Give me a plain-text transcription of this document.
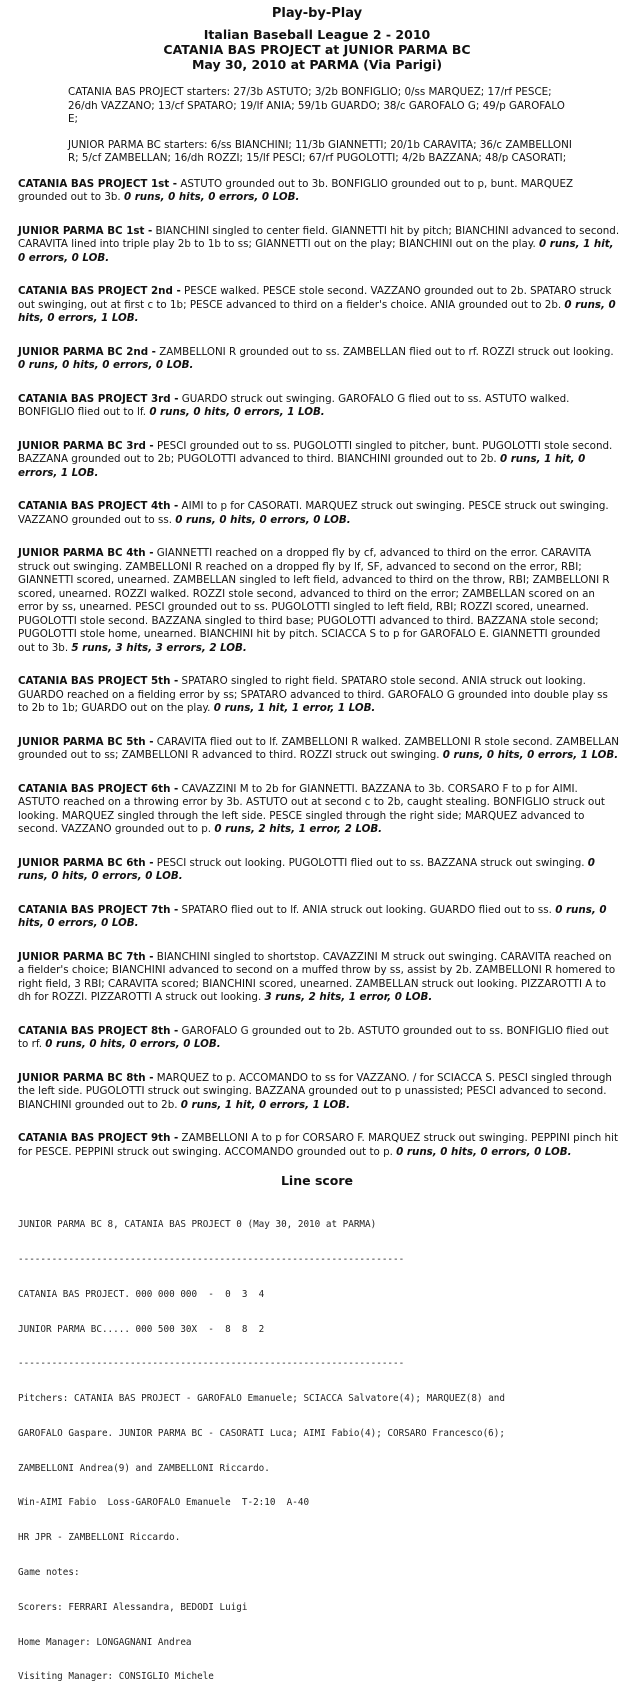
Play-by-Play
Italian Baseball League 2 - 2010
CATANIA BAS PROJECT at JUNIOR PARMA BC
May 30, 2010 at PARMA (Via Parigi)

CATANIA BAS PROJECT starters: 27/3b ASTUTO; 3/2b BONFIGLIO; 0/ss MARQUEZ; 17/rf PESCE; 26/dh VAZZANO; 13/cf SPATARO; 19/lf ANIA; 59/1b GUARDO; 38/c GAROFALO G; 49/p GAROFALO E;

JUNIOR PARMA BC starters: 6/ss BIANCHINI; 11/3b GIANNETTI; 20/1b CARAVITA; 36/c ZAMBELLONI R; 5/cf ZAMBELLAN; 16/dh ROZZI; 15/lf PESCI; 67/rf PUGOLOTTI; 4/2b BAZZANA; 48/p CASORATI;

CATANIA BAS PROJECT 1st - ASTUTO grounded out to 3b. BONFIGLIO grounded out to p, bunt. MARQUEZ grounded out to 3b. 0 runs, 0 hits, 0 errors, 0 LOB.

JUNIOR PARMA BC 1st - BIANCHINI singled to center field. GIANNETTI hit by pitch; BIANCHINI advanced to second. CARAVITA lined into triple play 2b to 1b to ss; GIANNETTI out on the play; BIANCHINI out on the play. 0 runs, 1 hit, 0 errors, 0 LOB.

CATANIA BAS PROJECT 2nd - PESCE walked. PESCE stole second. VAZZANO grounded out to 2b. SPATARO struck out swinging, out at first c to 1b; PESCE advanced to third on a fielder's choice. ANIA grounded out to 2b. 0 runs, 0 hits, 0 errors, 1 LOB.

JUNIOR PARMA BC 2nd - ZAMBELLONI R grounded out to ss. ZAMBELLAN flied out to rf. ROZZI struck out looking. 0 runs, 0 hits, 0 errors, 0 LOB.

CATANIA BAS PROJECT 3rd - GUARDO struck out swinging. GAROFALO G flied out to ss. ASTUTO walked. BONFIGLIO flied out to lf. 0 runs, 0 hits, 0 errors, 1 LOB.

JUNIOR PARMA BC 3rd - PESCI grounded out to ss. PUGOLOTTI singled to pitcher, bunt. PUGOLOTTI stole second. BAZZANA grounded out to 2b; PUGOLOTTI advanced to third. BIANCHINI grounded out to 2b. 0 runs, 1 hit, 0 errors, 1 LOB.

CATANIA BAS PROJECT 4th - AIMI to p for CASORATI. MARQUEZ struck out swinging. PESCE struck out swinging. VAZZANO grounded out to ss. 0 runs, 0 hits, 0 errors, 0 LOB.

JUNIOR PARMA BC 4th - GIANNETTI reached on a dropped fly by cf, advanced to third on the error. CARAVITA struck out swinging. ZAMBELLONI R reached on a dropped fly by lf, SF, advanced to second on the error, RBI; GIANNETTI scored, unearned. ZAMBELLAN singled to left field, advanced to third on the throw, RBI; ZAMBELLONI R scored, unearned. ROZZI walked. ROZZI stole second, advanced to third on the error; ZAMBELLAN scored on an error by ss, unearned. PESCI grounded out to ss. PUGOLOTTI singled to left field, RBI; ROZZI scored, unearned. PUGOLOTTI stole second. BAZZANA singled to third base; PUGOLOTTI advanced to third. BAZZANA stole second; PUGOLOTTI stole home, unearned. BIANCHINI hit by pitch. SCIACCA S to p for GAROFALO E. GIANNETTI grounded out to 3b. 5 runs, 3 hits, 3 errors, 2 LOB.

CATANIA BAS PROJECT 5th - SPATARO singled to right field. SPATARO stole second. ANIA struck out looking. GUARDO reached on a fielding error by ss; SPATARO advanced to third. GAROFALO G grounded into double play ss to 2b to 1b; GUARDO out on the play. 0 runs, 1 hit, 1 error, 1 LOB.

JUNIOR PARMA BC 5th - CARAVITA flied out to lf. ZAMBELLONI R walked. ZAMBELLONI R stole second. ZAMBELLAN grounded out to ss; ZAMBELLONI R advanced to third. ROZZI struck out swinging. 0 runs, 0 hits, 0 errors, 1 LOB.

CATANIA BAS PROJECT 6th - CAVAZZINI M to 2b for GIANNETTI. BAZZANA to 3b. CORSARO F to p for AIMI. ASTUTO reached on a throwing error by 3b. ASTUTO out at second c to 2b, caught stealing. BONFIGLIO struck out looking. MARQUEZ singled through the left side. PESCE singled through the right side; MARQUEZ advanced to second. VAZZANO grounded out to p. 0 runs, 2 hits, 1 error, 2 LOB.

JUNIOR PARMA BC 6th - PESCI struck out looking. PUGOLOTTI flied out to ss. BAZZANA struck out swinging. 0 runs, 0 hits, 0 errors, 0 LOB.

CATANIA BAS PROJECT 7th - SPATARO flied out to lf. ANIA struck out looking. GUARDO flied out to ss. 0 runs, 0 hits, 0 errors, 0 LOB.

JUNIOR PARMA BC 7th - BIANCHINI singled to shortstop. CAVAZZINI M struck out swinging. CARAVITA reached on a fielder's choice; BIANCHINI advanced to second on a muffed throw by ss, assist by 2b. ZAMBELLONI R homered to right field, 3 RBI; CARAVITA scored; BIANCHINI scored, unearned. ZAMBELLAN struck out looking. PIZZAROTTI A to dh for ROZZI. PIZZAROTTI A struck out looking. 3 runs, 2 hits, 1 error, 0 LOB.

CATANIA BAS PROJECT 8th - GAROFALO G grounded out to 2b. ASTUTO grounded out to ss. BONFIGLIO flied out to rf. 0 runs, 0 hits, 0 errors, 0 LOB.

JUNIOR PARMA BC 8th - MARQUEZ to p. ACCOMANDO to ss for VAZZANO. / for SCIACCA S. PESCI singled through the left side. PUGOLOTTI struck out swinging. BAZZANA grounded out to p unassisted; PESCI advanced to second. BIANCHINI grounded out to 2b. 0 runs, 1 hit, 0 errors, 1 LOB.

CATANIA BAS PROJECT 9th - ZAMBELLONI A to p for CORSARO F. MARQUEZ struck out swinging. PEPPINI pinch hit for PESCE. PEPPINI struck out swinging. ACCOMANDO grounded out to p. 0 runs, 0 hits, 0 errors, 0 LOB.

Line score

JUNIOR PARMA BC 8, CATANIA BAS PROJECT 0 (May 30, 2010 at PARMA)

---------------------------------------------------------------------

CATANIA BAS PROJECT. 000 000 000  -  0  3  4

JUNIOR PARMA BC..... 000 500 30X  -  8  8  2

---------------------------------------------------------------------

Pitchers: CATANIA BAS PROJECT - GAROFALO Emanuele; SCIACCA Salvatore(4); MARQUEZ(8) and

GAROFALO Gaspare. JUNIOR PARMA BC - CASORATI Luca; AIMI Fabio(4); CORSARO Francesco(6);

ZAMBELLONI Andrea(9) and ZAMBELLONI Riccardo.

Win-AIMI Fabio  Loss-GAROFALO Emanuele  T-2:10  A-40

HR JPR - ZAMBELLONI Riccardo.

Game notes:

Scorers: FERRARI Alessandra, BEDODI Luigi

Home Manager: LONGAGNANI Andrea

Visiting Manager: CONSIGLIO Michele
